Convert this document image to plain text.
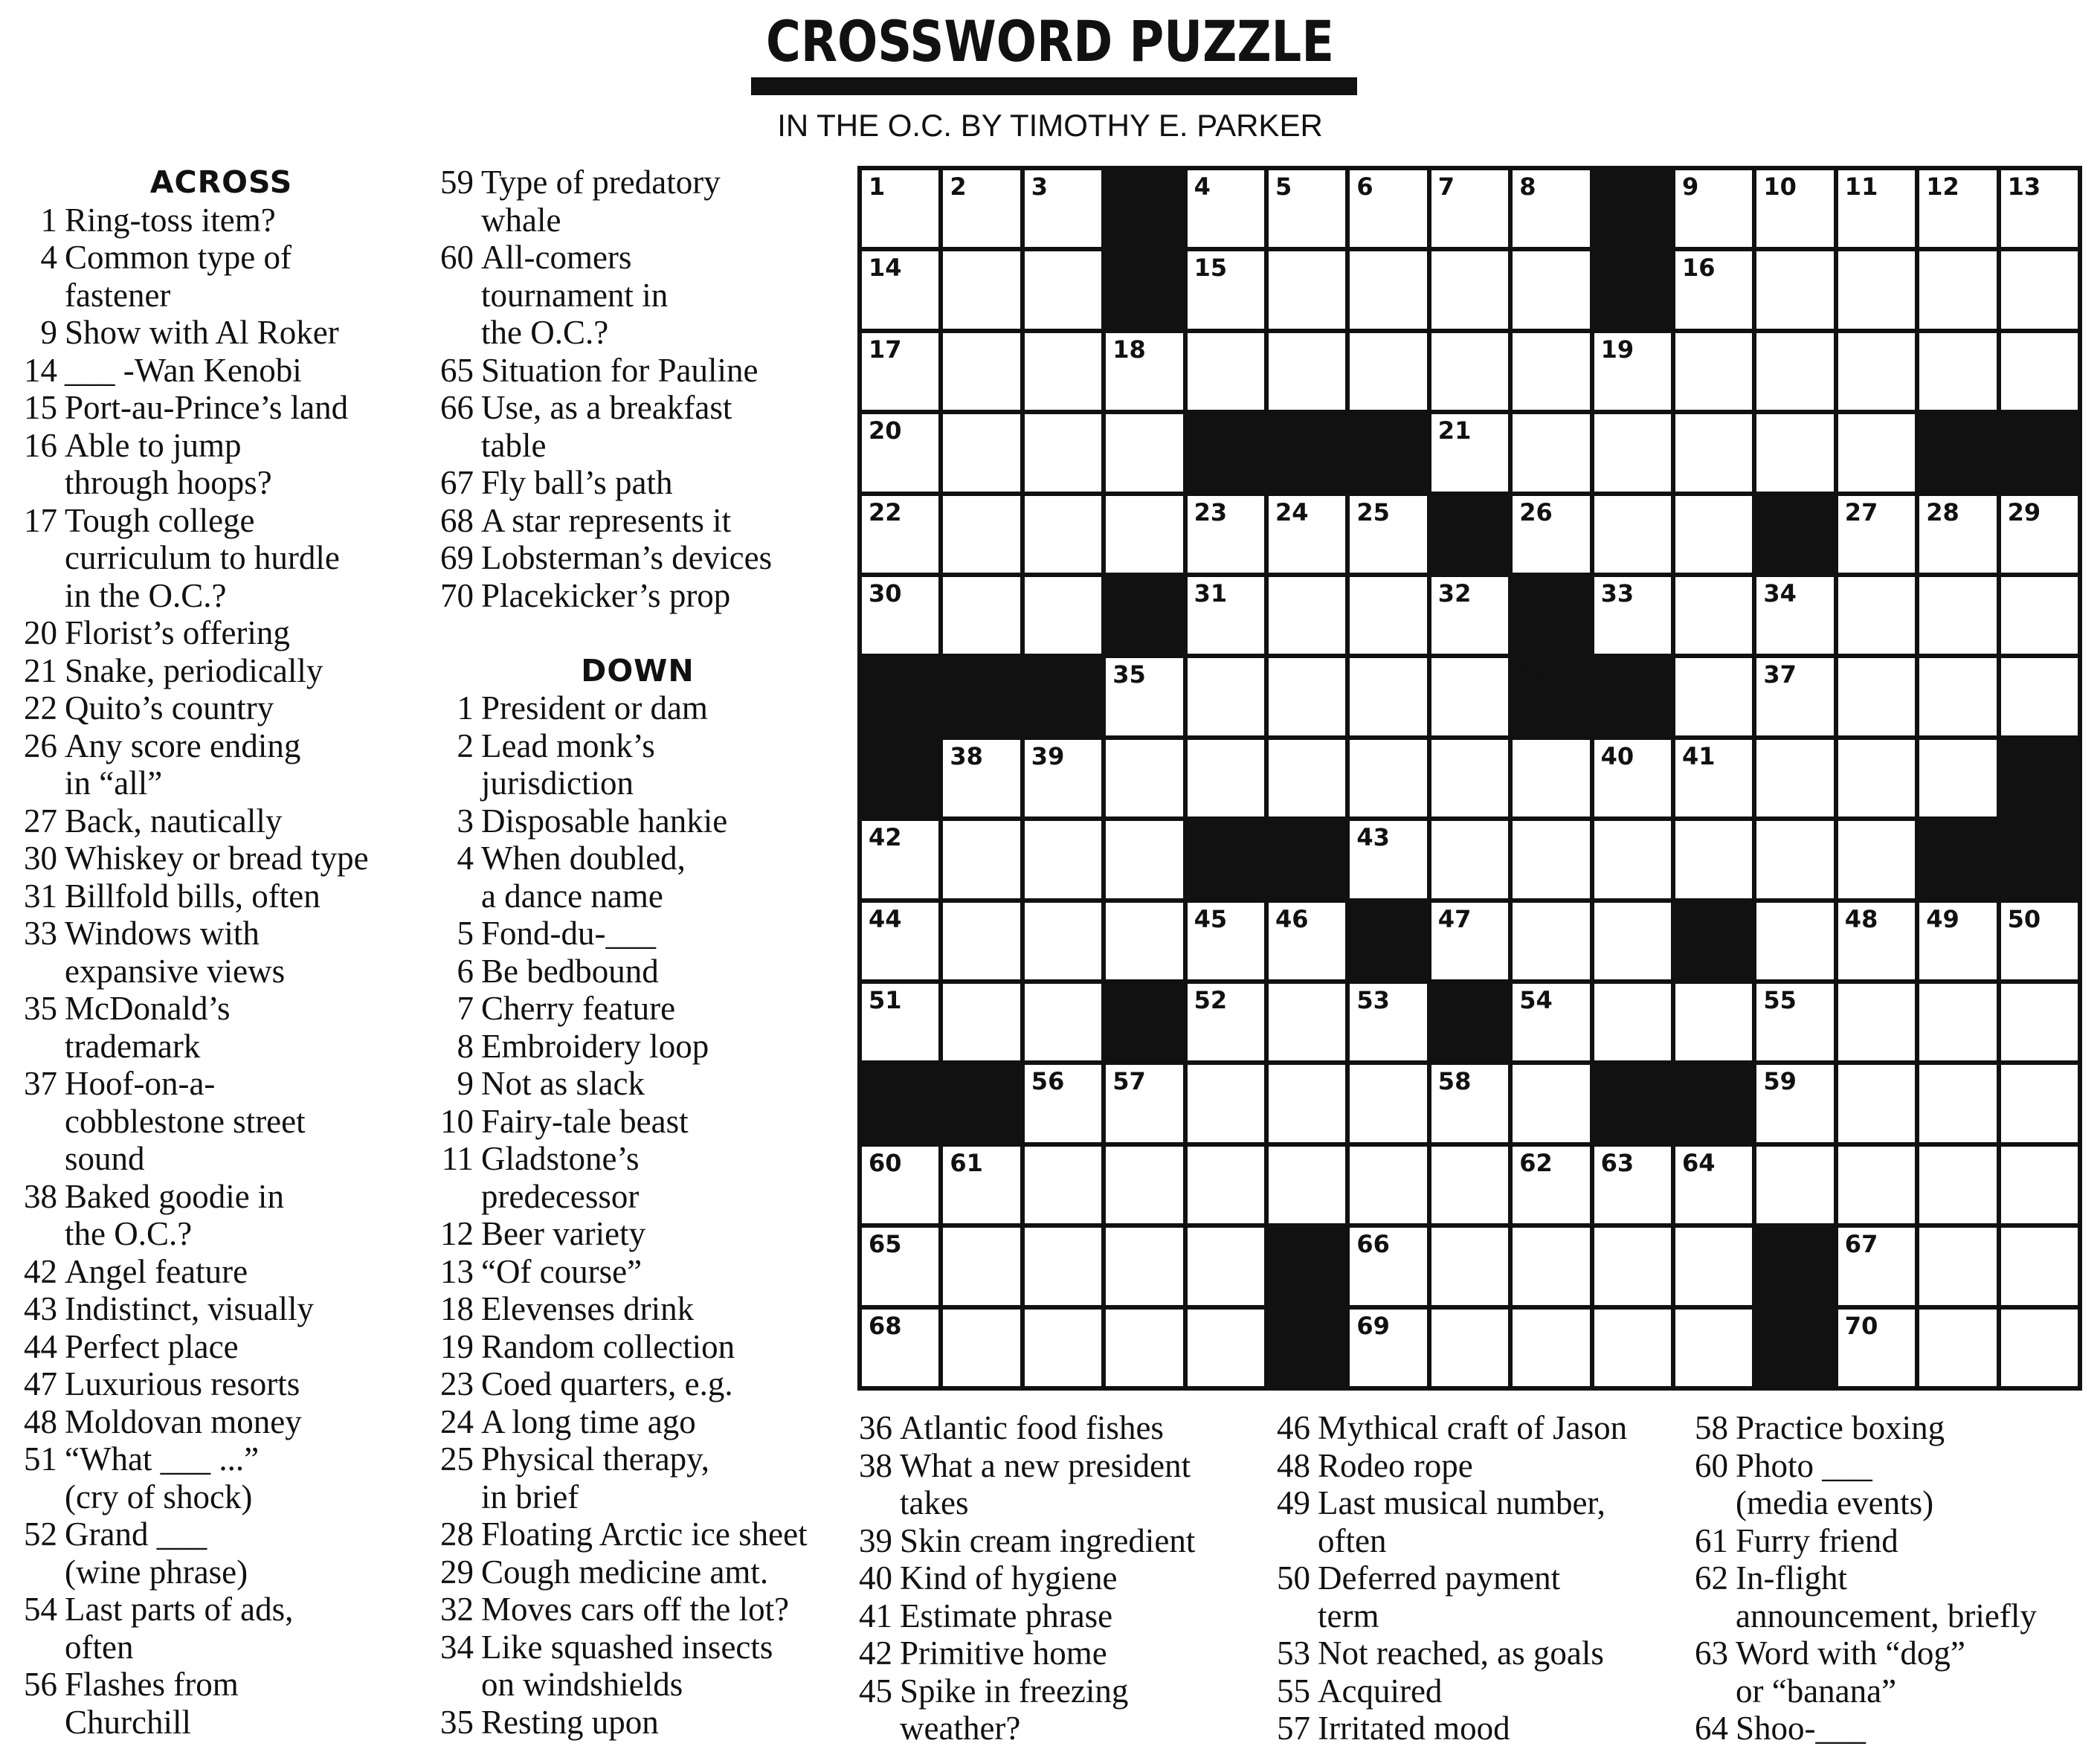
CROSSWORD PUZZLE
IN THE O.C. BY TIMOTHY E. PARKER
1	2	3	4	5	6	7	8	9	10 11 12 13
14	15	16
17	18	19
20	21
22	23 24 25	26	27 28 29
30	31	32	33	34
35	36	37
38 39	40 41
42	43
44	45 46	47	48 49 50
51	52	53	54	55
56 57	58	59
60 61	62 63 64
65	66	67
68	69	70
ACROSS
1 Ring-toss item?
4 Common type of
fastener
9 Show with Al Roker
14 ___ -Wan Kenobi
15 Port-au-Prince’s land
16 Able to jump
through hoops?
17 Tough college
curriculum to hurdle
in the O.C.?
20 Florist’s offering
21 Snake, periodically
22 Quito’s country
26 Any score ending
in “all”
27 Back, nautically
30 Whiskey or bread type
31 Billfold bills, often
33 Windows with
expansive views
35 McDonald’s
trademark
37 Hoof-on-a-
cobblestone street
sound
38 Baked goodie in
the O.C.?
42 Angel feature
43 Indistinct, visually
44 Perfect place
47 Luxurious resorts
48 Moldovan money
51 “What ___ ...”
(cry of shock)
52 Grand ___
(wine phrase)
54 Last parts of ads,
often
56 Flashes from
Churchill
59 Type of predatory
whale
60 All-comers
tournament in
the O.C.?
65 Situation for Pauline
66 Use, as a breakfast
table
67 Fly ball’s path
68 A star represents it
69 Lobsterman’s devices
70 Placekicker’s prop
DOWN
1 President or dam
2 Lead monk’s
jurisdiction
3 Disposable hankie
4 When doubled,
a dance name
5 Fond-du-___
6 Be bedbound
7 Cherry feature
8 Embroidery loop
9 Not as slack
10 Fairy-tale beast
11 Gladstone’s
predecessor
12 Beer variety
13 “Of course”
18 Elevenses drink
19 Random collection
23 Coed quarters, e.g.
24 A long time ago
25 Physical therapy,
in brief
28 Floating Arctic ice sheet
29 Cough medicine amt.
32 Moves cars off the lot?
34 Like squashed insects
on windshields
35 Resting upon
36 Atlantic food fishes
38 What a new president
takes
39 Skin cream ingredient
40 Kind of hygiene
41 Estimate phrase
42 Primitive home
45 Spike in freezing
weather?
46 Mythical craft of Jason
48 Rodeo rope
49 Last musical number,
often
50 Deferred payment
term
53 Not reached, as goals
55 Acquired
57 Irritated mood
58 Practice boxing
60 Photo ___
(media events)
61 Furry friend
62 In-flight
announcement, briefly
63 Word with “dog”
or “banana”
64 Shoo-___
